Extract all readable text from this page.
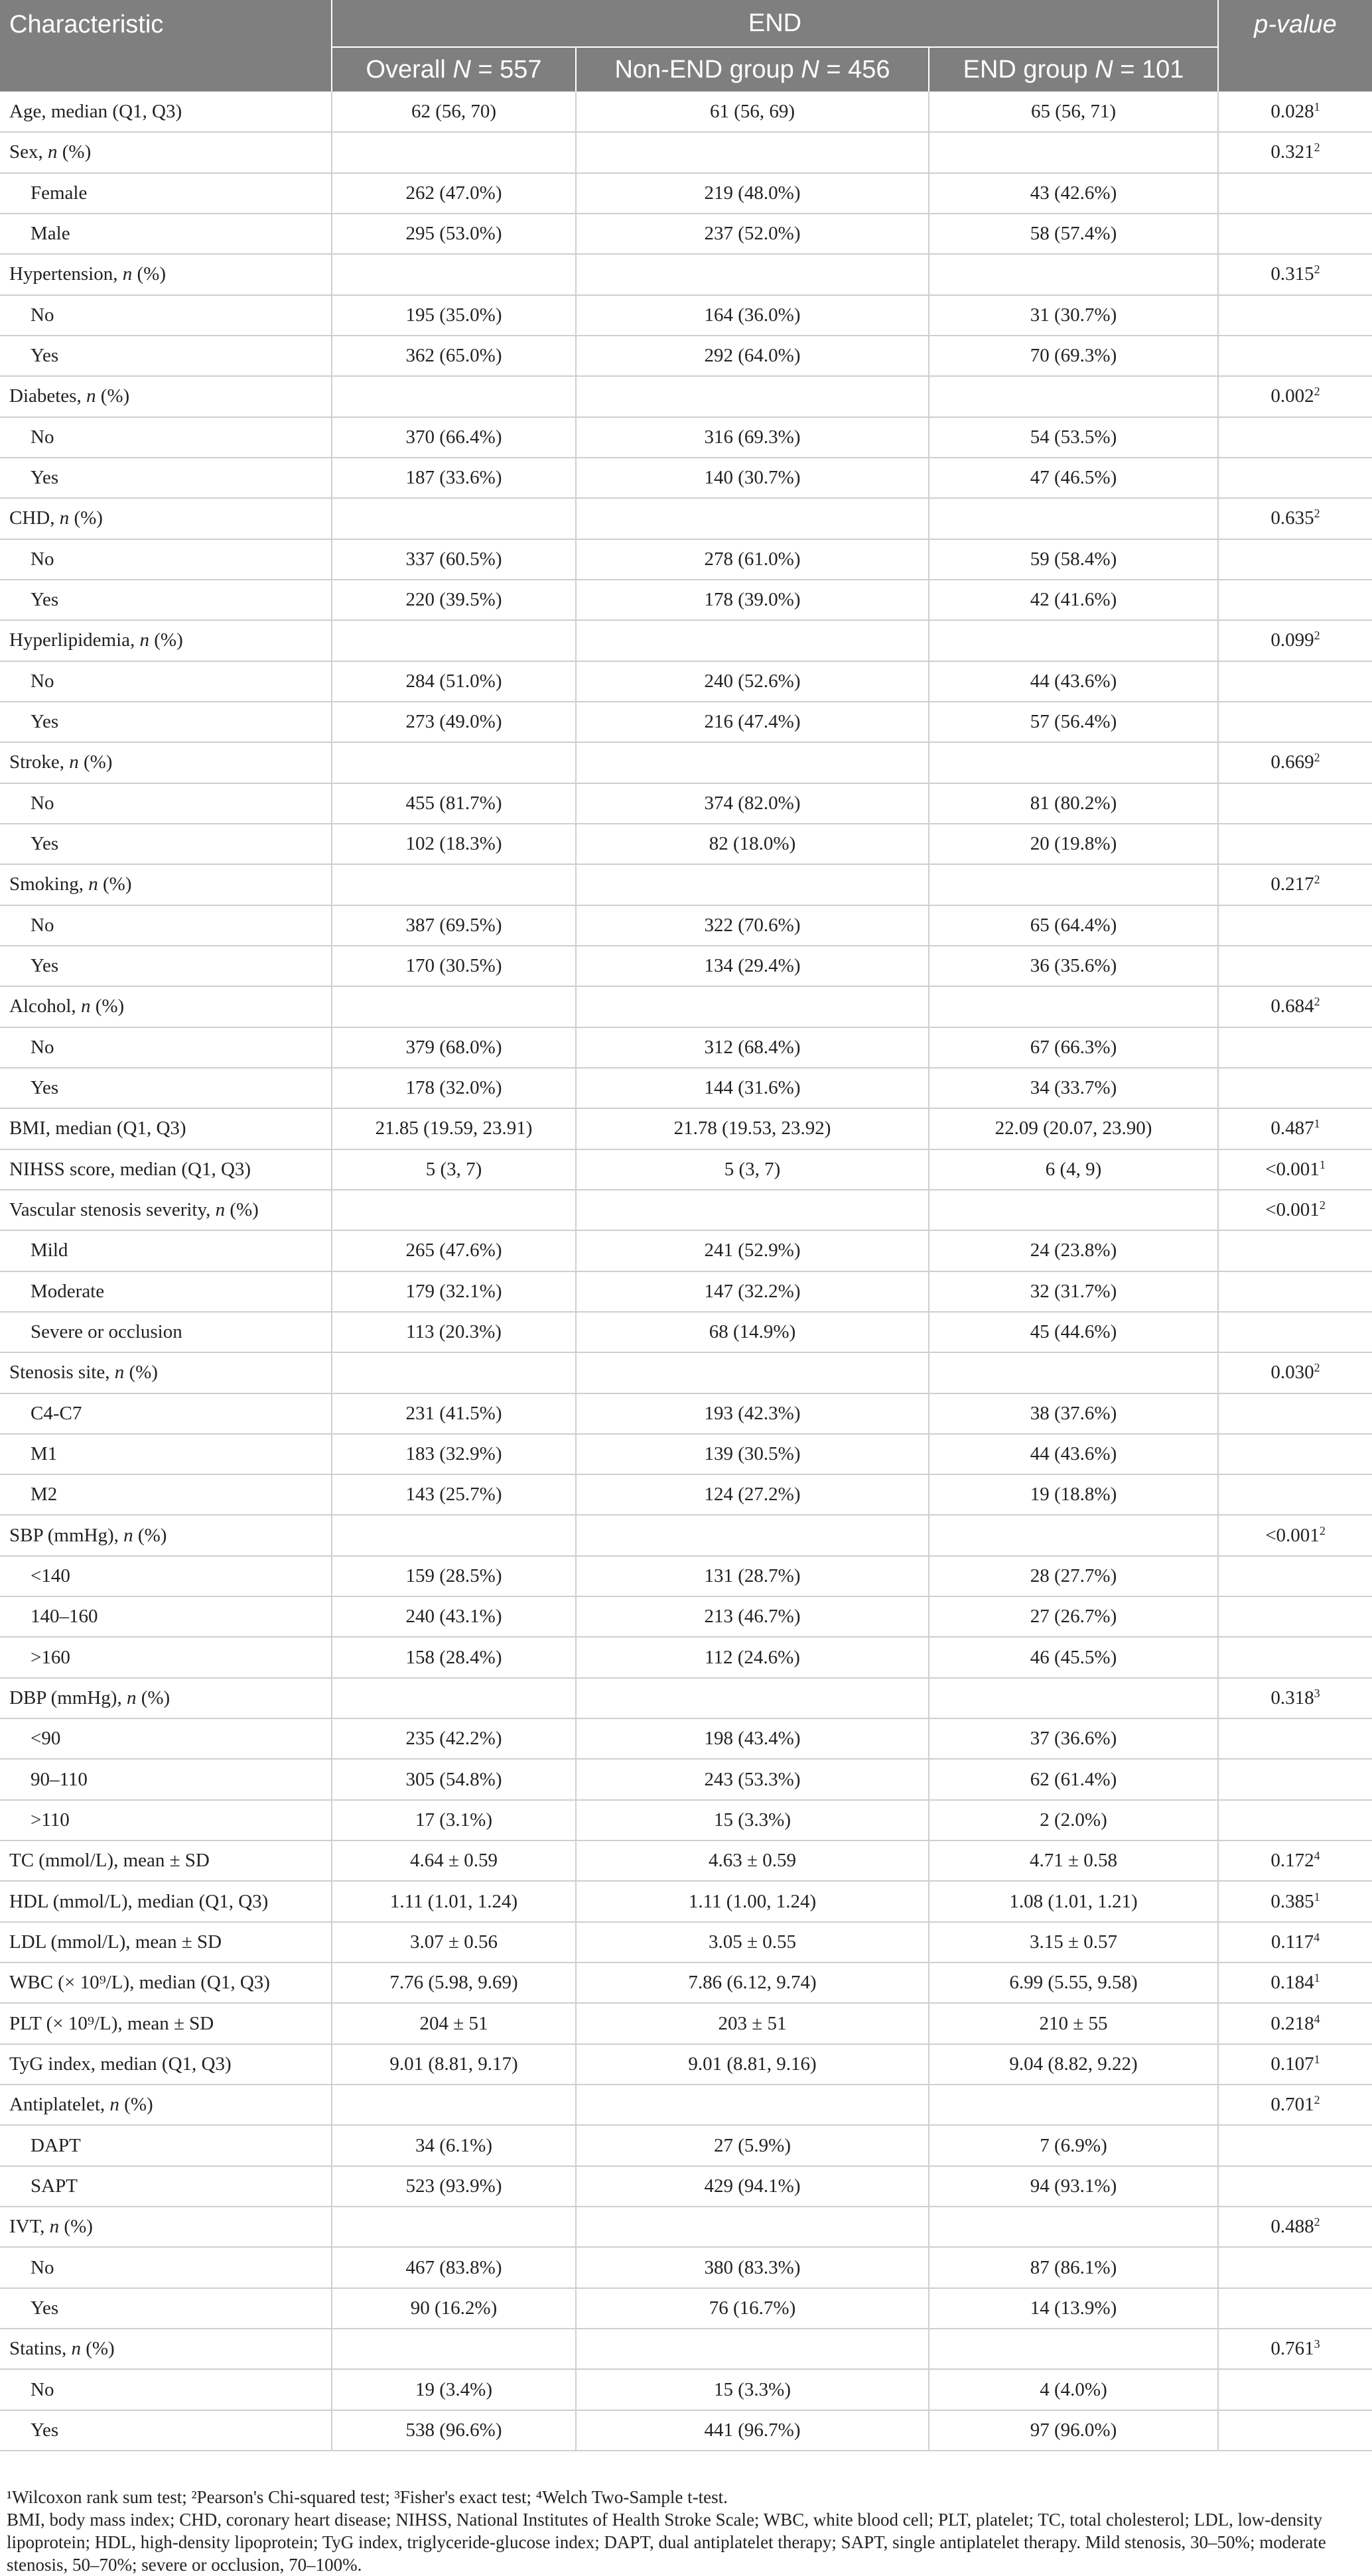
Characteristic	END			p-value
	Overall N = 557	Non-END group N = 456	END group N = 101	
Age, median (Q1, Q3)	62 (56, 70)	61 (56, 69)	65 (56, 71)	0.028$^1$
Sex, n (%)				0.321$^2$
Female	262 (47.0%)	219 (48.0%)	43 (42.6%)	
Male	295 (53.0%)	237 (52.0%)	58 (57.4%)	
Hypertension, n (%)				0.315$^2$
No	195 (35.0%)	164 (36.0%)	31 (30.7%)	
Yes	362 (65.0%)	292 (64.0%)	70 (69.3%)	
Diabetes, n (%)				0.002$^2$
No	370 (66.4%)	316 (69.3%)	54 (53.5%)	
Yes	187 (33.6%)	140 (30.7%)	47 (46.5%)	
CHD, n (%)				0.635$^2$
No	337 (60.5%)	278 (61.0%)	59 (58.4%)	
Yes	220 (39.5%)	178 (39.0%)	42 (41.6%)	
Hyperlipidemia, n (%)				0.099$^2$
No	284 (51.0%)	240 (52.6%)	44 (43.6%)	
Yes	273 (49.0%)	216 (47.4%)	57 (56.4%)	
Stroke, n (%)				0.669$^2$
No	455 (81.7%)	374 (82.0%)	81 (80.2%)	
Yes	102 (18.3%)	82 (18.0%)	20 (19.8%)	
Smoking, n (%)				0.217$^2$
No	387 (69.5%)	322 (70.6%)	65 (64.4%)	
Yes	170 (30.5%)	134 (29.4%)	36 (35.6%)	
Alcohol, n (%)				0.684$^2$
No	379 (68.0%)	312 (68.4%)	67 (66.3%)	
Yes	178 (32.0%)	144 (31.6%)	34 (33.7%)	
BMI, median (Q1, Q3)	21.85 (19.59, 23.91)	21.78 (19.53, 23.92)	22.09 (20.07, 23.90)	0.487$^1$
NIHSS score, median (Q1, Q3)	5 (3, 7)	5 (3, 7)	6 (4, 9)	$<0.001^1$
Vascular stenosis severity, n (%)				$<0.001^2$
Mild	265 (47.6%)	241 (52.9%)	24 (23.8%)	
Moderate	179 (32.1%)	147 (32.2%)	32 (31.7%)	
Severe or occlusion	113 (20.3%)	68 (14.9%)	45 (44.6%)	
Stenosis site, n (%)				0.030$^2$
C4-C7	231 (41.5%)	193 (42.3%)	38 (37.6%)	
M1	183 (32.9%)	139 (30.5%)	44 (43.6%)	
M2	143 (25.7%)	124 (27.2%)	19 (18.8%)	
SBP (mmHg), n (%)				$<0.001^2$
<140	159 (28.5%)	131 (28.7%)	28 (27.7%)	
140–160	240 (43.1%)	213 (46.7%)	27 (26.7%)	
>160	158 (28.4%)	112 (24.6%)	46 (45.5%)	
DBP (mmHg), n (%)				$0.318^3$
<90	235 (42.2%)	198 (43.4%)	37 (36.6%)	
90–110	305 (54.8%)	243 (53.3%)	62 (61.4%)	
>110	17 (3.1%)	15 (3.3%)	2 (2.0%)	
TC (mmol/L), mean ± SD	4.64 ± 0.59	4.63 ± 0.59	4.71 ± 0.58	0.172$^4$
HDL (mmol/L), median (Q1, Q3)	1.11 (1.01, 1.24)	1.11 (1.00, 1.24)	1.08 (1.01, 1.21)	0.385$^1$
LDL (mmol/L), mean ± SD	3.07 ± 0.56	3.05 ± 0.55	3.15 ± 0.57	0.117$^4$
WBC (× 10⁹/L), median (Q1, Q3)	7.76 (5.98, 9.69)	7.86 (6.12, 9.74)	6.99 (5.55, 9.58)	0.184$^1$
PLT (× 10⁹/L), mean ± SD	204 ± 51	203 ± 51	210 ± 55	0.218$^4$
TyG index, median (Q1, Q3)	9.01 (8.81, 9.17)	9.01 (8.81, 9.16)	9.04 (8.82, 9.22)	0.107$^1$
Antiplatelet, n (%)				0.701$^2$
DAPT	34 (6.1%)	27 (5.9%)	7 (6.9%)	
SAPT	523 (93.9%)	429 (94.1%)	94 (93.1%)	
IVT, n (%)				0.488$^2$
No	467 (83.8%)	380 (83.3%)	87 (86.1%)	
Yes	90 (16.2%)	76 (16.7%)	14 (13.9%)	
Statins, n (%)				0.761$^3$
No	19 (3.4%)	15 (3.3%)	4 (4.0%)	
Yes	538 (96.6%)	441 (96.7%)	97 (96.0%)	

¹Wilcoxon rank sum test; ²Pearson's Chi-squared test; ³Fisher's exact test; ⁴Welch Two-Sample t-test.

BMI, body mass index; CHD, coronary heart disease; NIHSS, National Institutes of Health Stroke Scale; WBC, white blood cell; PLT, platelet; TC, total cholesterol; LDL, low-density lipoprotein; HDL, high-density lipoprotein; TyG index, triglyceride-glucose index; DAPT, dual antiplatelet therapy; SAPT, single antiplatelet therapy. Mild stenosis, 30–50%; moderate stenosis, 50–70%; severe or occlusion, 70–100%.
